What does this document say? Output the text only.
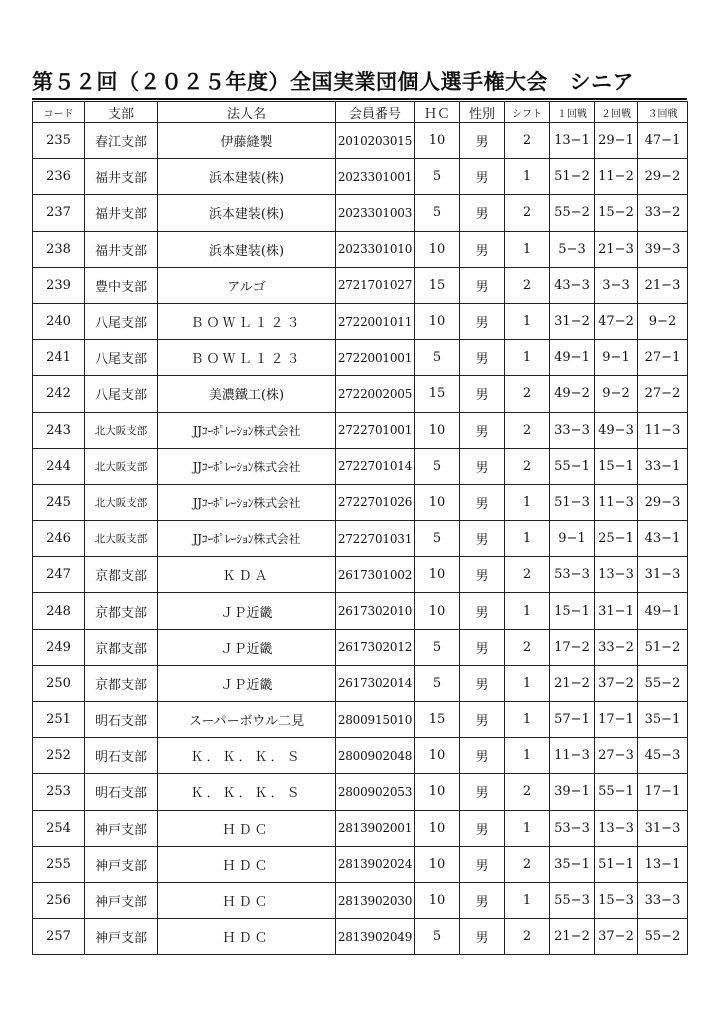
第５２回（２０２５年度）全国実業団個人選手権大会　シニア
コード	支部	法人名	会員番号	ＨＣ	性別	シフト	１回戦	２回戦	３回戦
235	春江支部	伊藤縫製	2010203015	10	男	2	13−1	29−1	47−1
236	福井支部	浜本建装(株)	2023301001	5	男	1	51−2	11−2	29−2
237	福井支部	浜本建装(株)	2023301003	5	男	2	55−2	15−2	33−2
238	福井支部	浜本建装(株)	2023301010	10	男	1	5−3	21−3	39−3
239	豊中支部	アルゴ	2721701027	15	男	2	43−3	3−3	21−3
240	八尾支部	ＢＯＷＬ１２３	2722001011	10	男	1	31−2	47−2	9−2
241	八尾支部	ＢＯＷＬ１２３	2722001001	5	男	1	49−1	9−1	27−1
242	八尾支部	美濃鐵工(株)	2722002005	15	男	2	49−2	9−2	27−2
243	北大阪支部	JJｺｰﾎﾟﾚｰｼｮﾝ株式会社	2722701001	10	男	2	33−3	49−3	11−3
244	北大阪支部	JJｺｰﾎﾟﾚｰｼｮﾝ株式会社	2722701014	5	男	2	55−1	15−1	33−1
245	北大阪支部	JJｺｰﾎﾟﾚｰｼｮﾝ株式会社	2722701026	10	男	1	51−3	11−3	29−3
246	北大阪支部	JJｺｰﾎﾟﾚｰｼｮﾝ株式会社	2722701031	5	男	1	9−1	25−1	43−1
247	京都支部	ＫＤＡ	2617301002	10	男	2	53−3	13−3	31−3
248	京都支部	ＪＰ近畿	2617302010	10	男	1	15−1	31−1	49−1
249	京都支部	ＪＰ近畿	2617302012	5	男	2	17−2	33−2	51−2
250	京都支部	ＪＰ近畿	2617302014	5	男	1	21−2	37−2	55−2
251	明石支部	スーパーボウル二見	2800915010	15	男	1	57−1	17−1	35−1
252	明石支部	Ｋ．Ｋ．Ｋ．Ｓ	2800902048	10	男	1	11−3	27−3	45−3
253	明石支部	Ｋ．Ｋ．Ｋ．Ｓ	2800902053	10	男	2	39−1	55−1	17−1
254	神戸支部	ＨＤＣ	2813902001	10	男	1	53−3	13−3	31−3
255	神戸支部	ＨＤＣ	2813902024	10	男	2	35−1	51−1	13−1
256	神戸支部	ＨＤＣ	2813902030	10	男	1	55−3	15−3	33−3
257	神戸支部	ＨＤＣ	2813902049	5	男	2	21−2	37−2	55−2
